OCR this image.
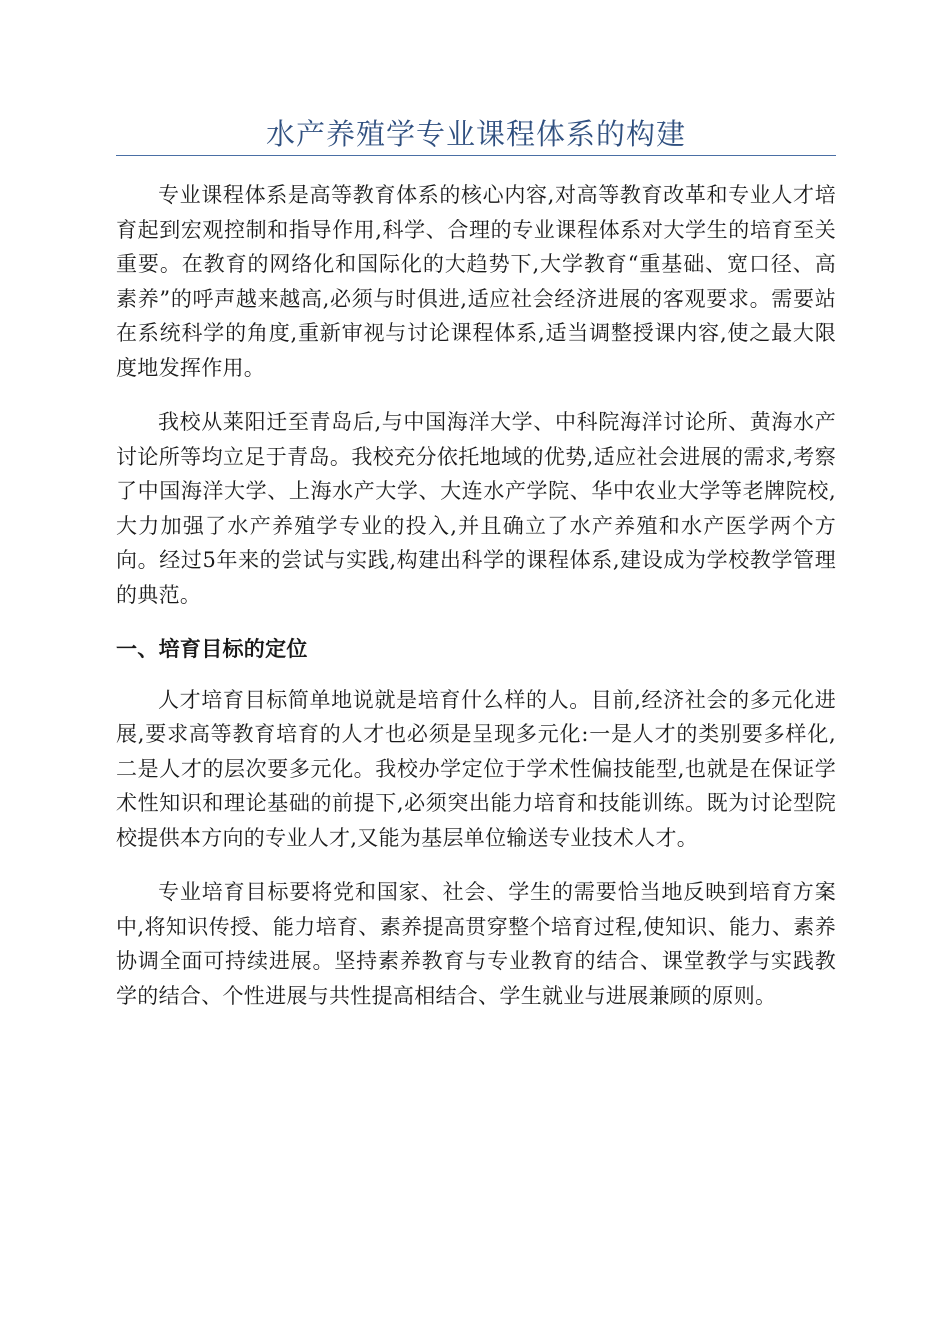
水产养殖学专业课程体系的构建

专业课程体系是高等教育体系的核心内容,对高等教育改革和专业人才培育起到宏观控制和指导作用,科学、合理的专业课程体系对大学生的培育至关重要。在教育的网络化和国际化的大趋势下,大学教育“重基础、宽口径、高素养”的呼声越来越高,必须与时俱进,适应社会经济进展的客观要求。需要站在系统科学的角度,重新审视与讨论课程体系,适当调整授课内容,使之最大限度地发挥作用。

我校从莱阳迁至青岛后,与中国海洋大学、中科院海洋讨论所、黄海水产讨论所等均立足于青岛。我校充分依托地域的优势,适应社会进展的需求,考察了中国海洋大学、上海水产大学、大连水产学院、华中农业大学等老牌院校,大力加强了水产养殖学专业的投入,并且确立了水产养殖和水产医学两个方向。经过5年来的尝试与实践,构建出科学的课程体系,建设成为学校教学管理的典范。

一、培育目标的定位

人才培育目标简单地说就是培育什么样的人。目前,经济社会的多元化进展,要求高等教育培育的人才也必须是呈现多元化:一是人才的类别要多样化,二是人才的层次要多元化。我校办学定位于学术性偏技能型,也就是在保证学术性知识和理论基础的前提下,必须突出能力培育和技能训练。既为讨论型院校提供本方向的专业人才,又能为基层单位输送专业技术人才。

专业培育目标要将党和国家、社会、学生的需要恰当地反映到培育方案中,将知识传授、能力培育、素养提高贯穿整个培育过程,使知识、能力、素养协调全面可持续进展。坚持素养教育与专业教育的结合、课堂教学与实践教学的结合、个性进展与共性提高相结合、学生就业与进展兼顾的原则。
